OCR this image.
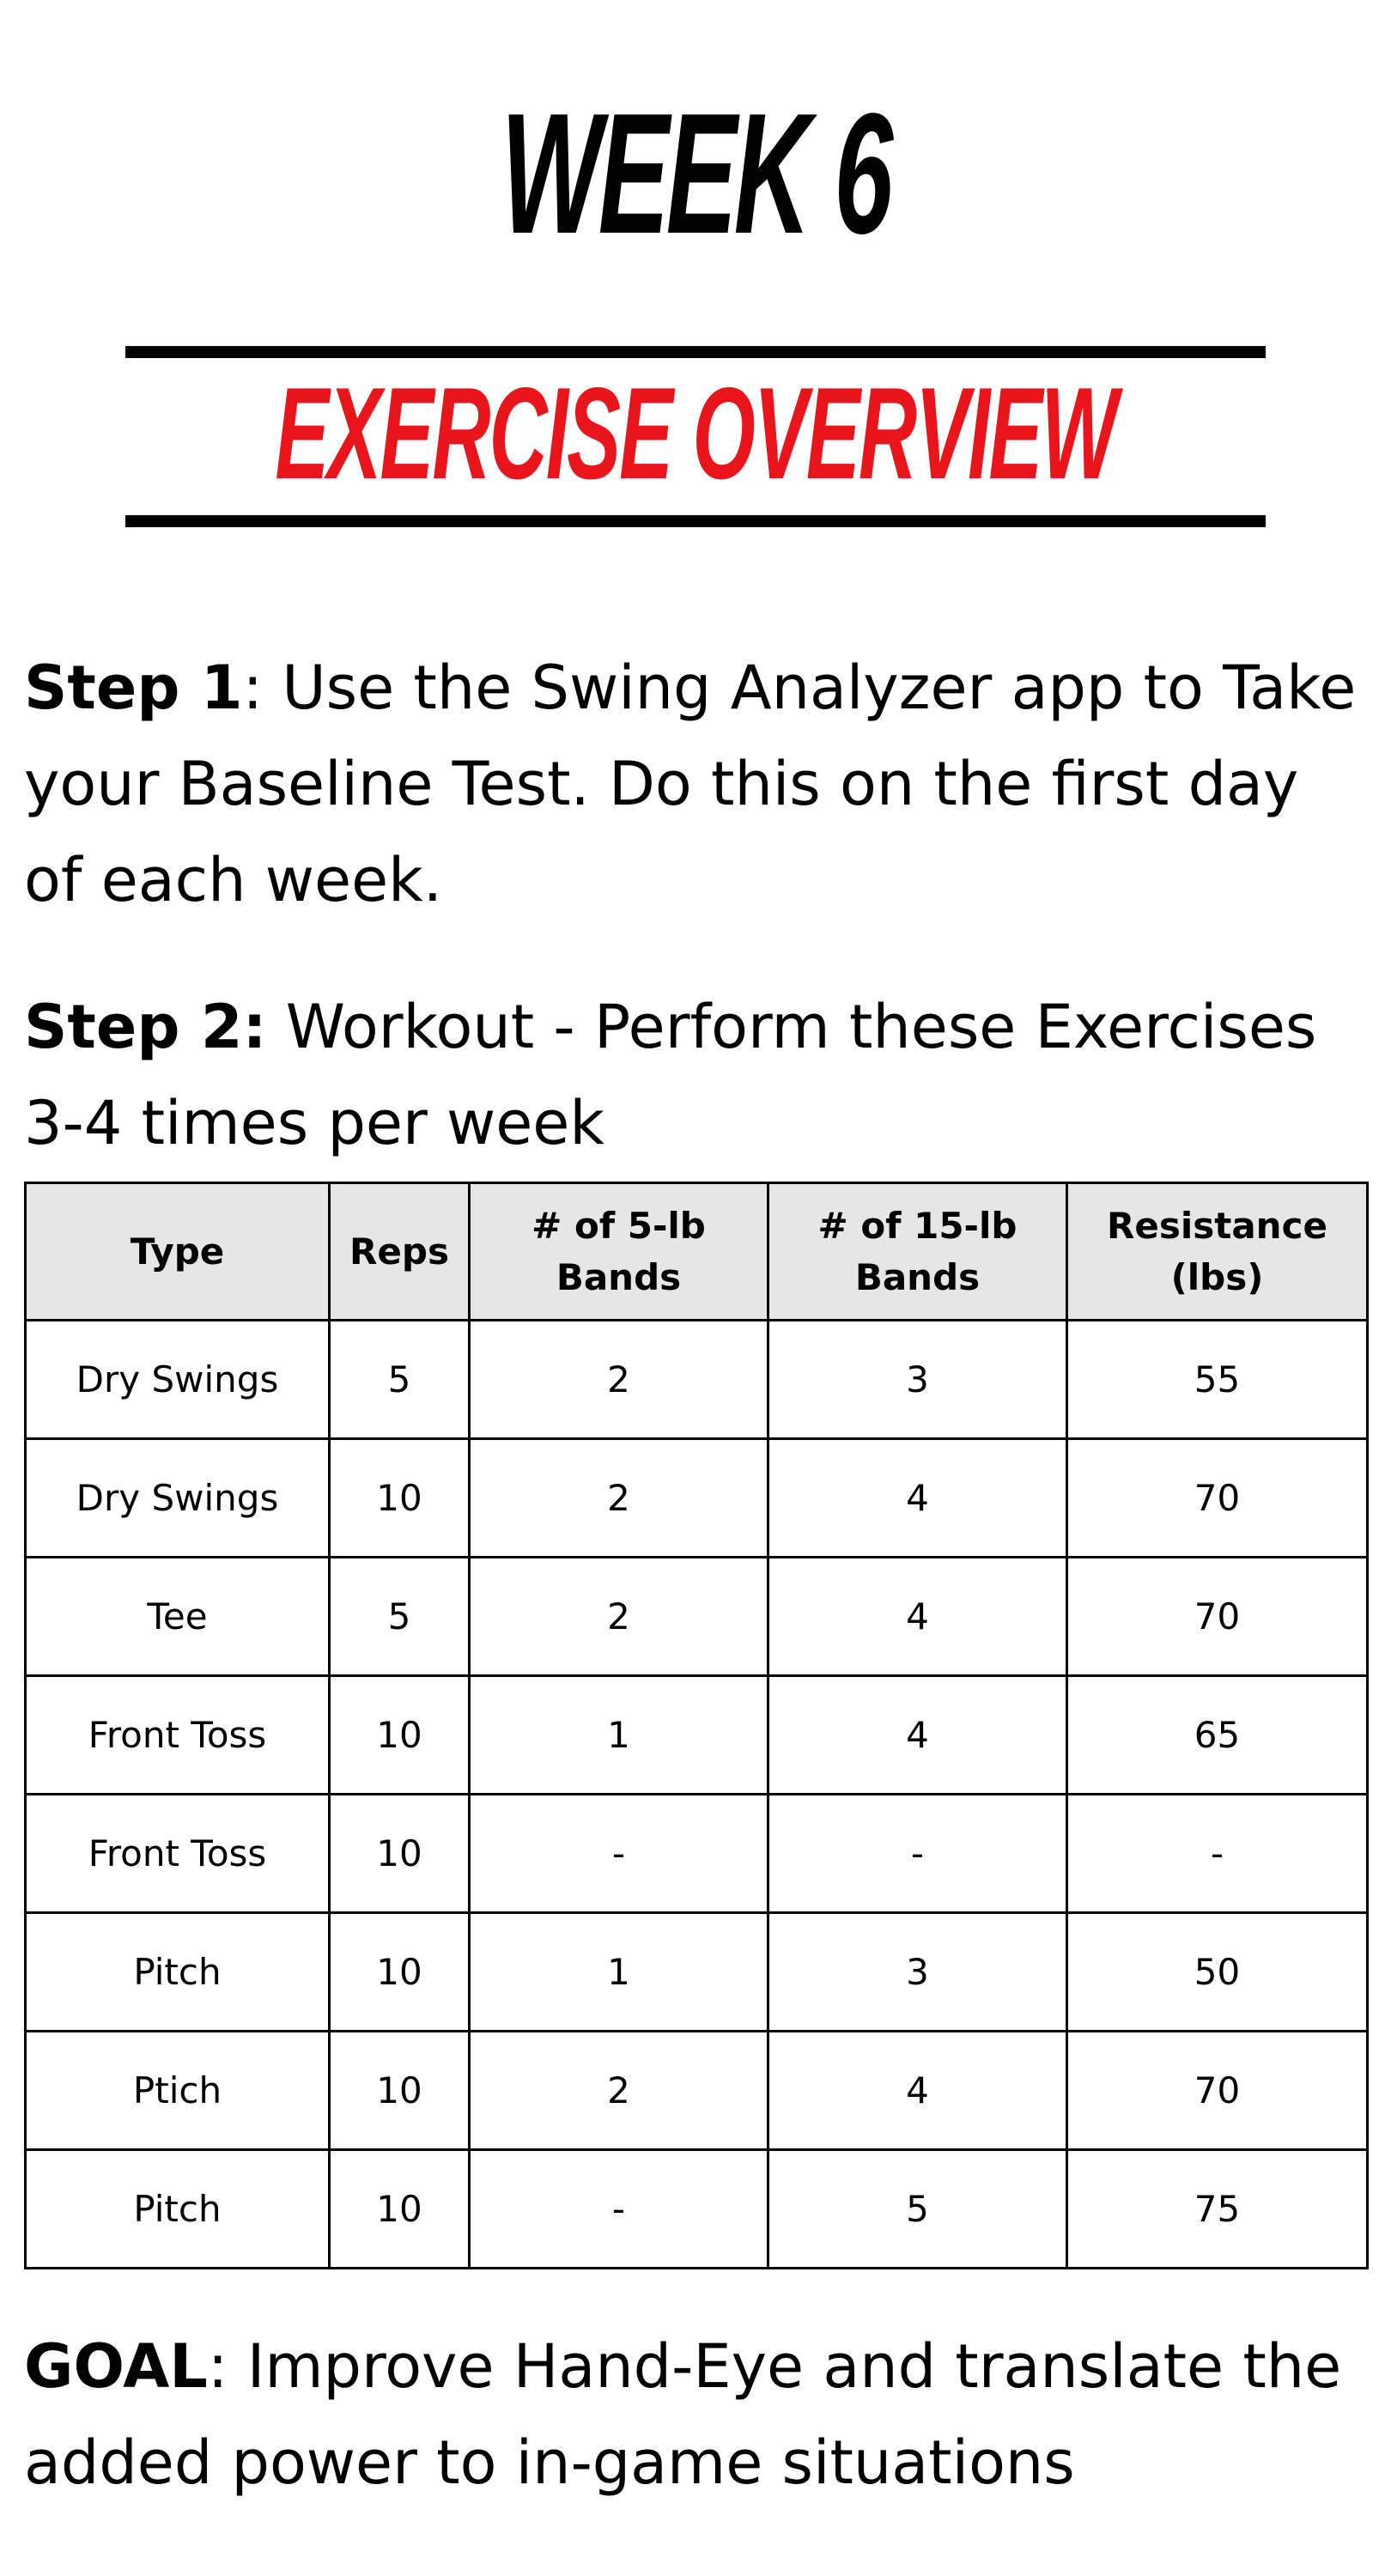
WEEK 6
EXERCISE OVERVIEW
Step 1: Use the Swing Analyzer app to Take your Baseline Test. Do this on the first day of each week.
Step 2: Workout - Perform these Exercises 3-4 times per week
Type	Reps	# of 5-lb Bands	# of 15-lb Bands	Resistance (lbs)
Dry Swings	5	2	3	55
Dry Swings	10	2	4	70
Tee	5	2	4	70
Front Toss	10	1	4	65
Front Toss	10	-	-	-
Pitch	10	1	3	50
Ptich	10	2	4	70
Pitch	10	-	5	75
GOAL: Improve Hand-Eye and translate the added power to in-game situations
